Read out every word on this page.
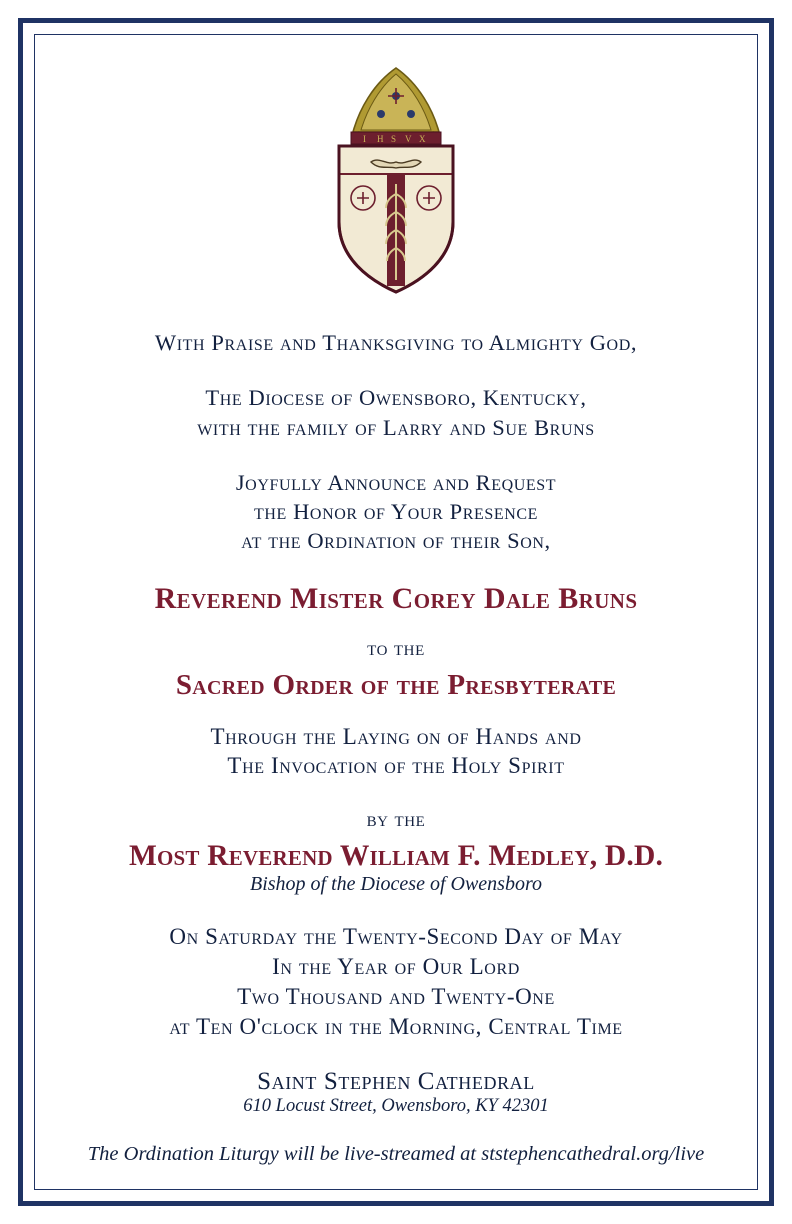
I H S V X
With Praise and Thanksgiving to Almighty God,
The Diocese of Owensboro, Kentucky,
with the family of Larry and Sue Bruns
Joyfully Announce and Request
the Honor of Your Presence
at the Ordination of their Son,
Reverend Mister Corey Dale Bruns
to the
Sacred Order of the Presbyterate
Through the Laying on of Hands and
The Invocation of the Holy Spirit
by the
Most Reverend William F. Medley, D.D.
Bishop of the Diocese of Owensboro
On Saturday the Twenty-Second Day of May
In the Year of Our Lord
Two Thousand and Twenty-One
at Ten O'clock in the Morning, Central Time
Saint Stephen Cathedral
610 Locust Street, Owensboro, KY 42301
The Ordination Liturgy will be live-streamed at ststephencathedral.org/live
